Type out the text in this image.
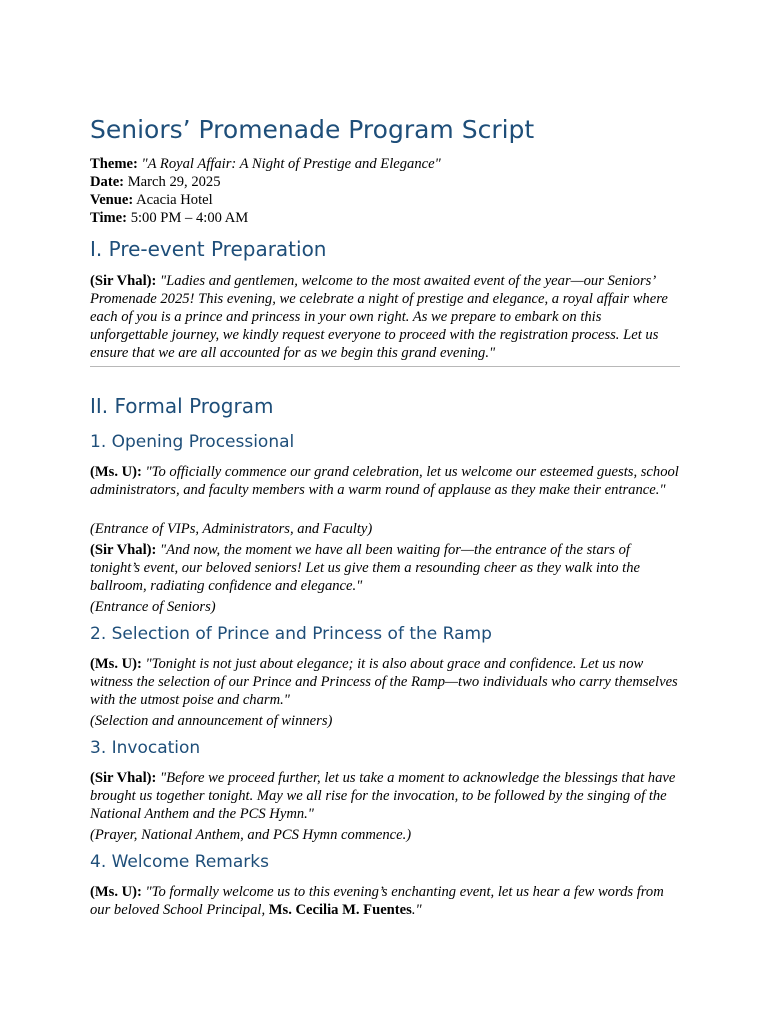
Seniors’ Promenade Program Script
Theme: "A Royal Affair: A Night of Prestige and Elegance"
Date: March 29, 2025
Venue: Acacia Hotel
Time: 5:00 PM – 4:00 AM
I. Pre-event Preparation

(Sir Vhal): "Ladies and gentlemen, welcome to the most awaited event of the year—our Seniors’ Promenade 2025! This evening, we celebrate a night of prestige and elegance, a royal affair where each of you is a prince and princess in your own right. As we prepare to embark on this unforgettable journey, we kindly request everyone to proceed with the registration process. Let us ensure that we are all accounted for as we begin this grand evening."

II. Formal Program
1. Opening Processional

(Ms. U): "To officially commence our grand celebration, let us welcome our esteemed guests, school administrators, and faculty members with a warm round of applause as they make their entrance."

(Entrance of VIPs, Administrators, and Faculty)

(Sir Vhal): "And now, the moment we have all been waiting for—the entrance of the stars of tonight’s event, our beloved seniors! Let us give them a resounding cheer as they walk into the ballroom, radiating confidence and elegance."

(Entrance of Seniors)
2. Selection of Prince and Princess of the Ramp

(Ms. U): "Tonight is not just about elegance; it is also about grace and confidence. Let us now witness the selection of our Prince and Princess of the Ramp—two individuals who carry themselves with the utmost poise and charm."

(Selection and announcement of winners)
3. Invocation

(Sir Vhal): "Before we proceed further, let us take a moment to acknowledge the blessings that have brought us together tonight. May we all rise for the invocation, to be followed by the singing of the National Anthem and the PCS Hymn."

(Prayer, National Anthem, and PCS Hymn commence.)
4. Welcome Remarks

(Ms. U): "To formally welcome us to this evening’s enchanting event, let us hear a few words from our beloved School Principal, Ms. Cecilia M. Fuentes."
